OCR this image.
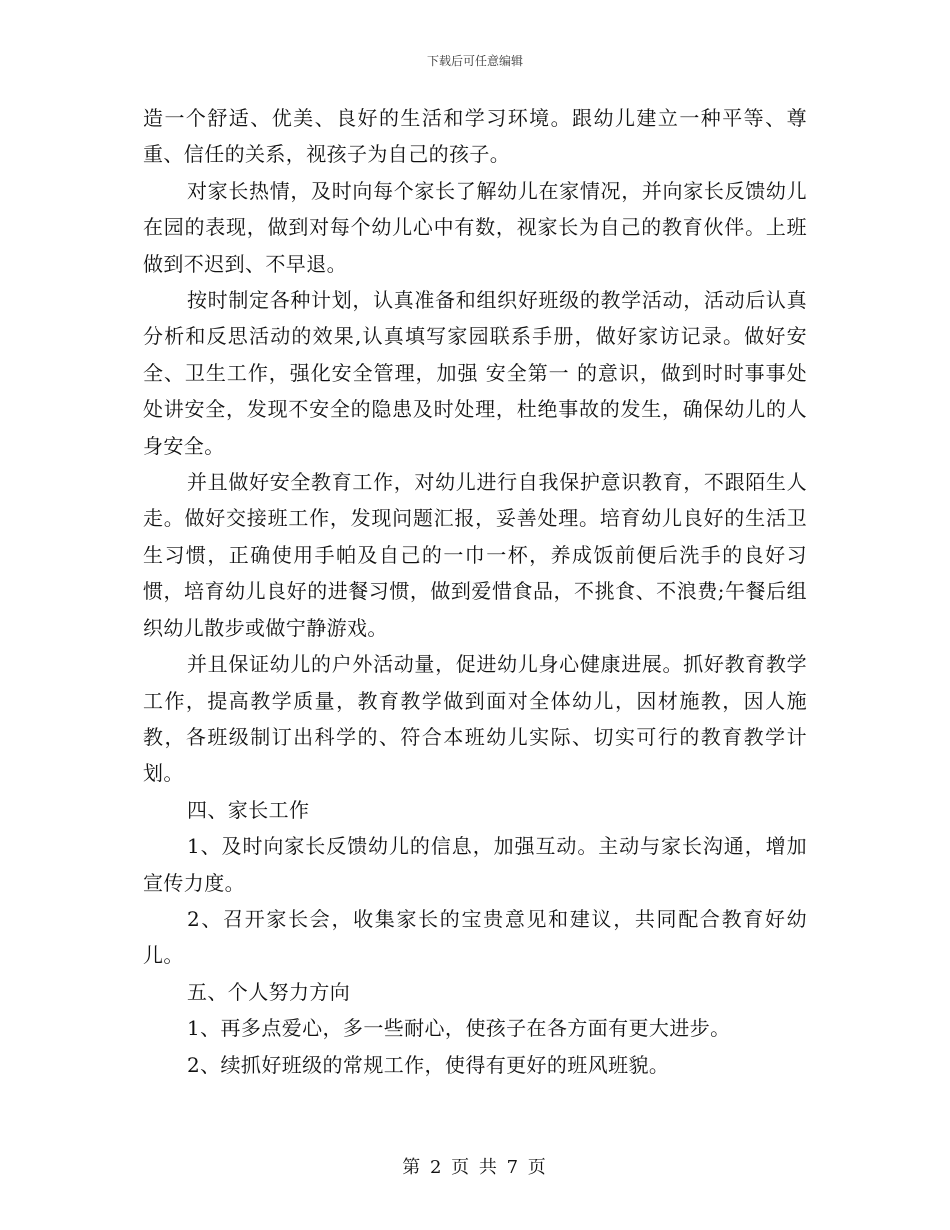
下载后可任意编辑

造一个舒适、优美、良好的生活和学习环境。跟幼儿建立一种平等、尊重、信任的关系，视孩子为自己的孩子。

对家长热情，及时向每个家长了解幼儿在家情况，并向家长反馈幼儿在园的表现，做到对每个幼儿心中有数，视家长为自己的教育伙伴。上班做到不迟到、不早退。

按时制定各种计划，认真准备和组织好班级的教学活动，活动后认真分析和反思活动的效果,认真填写家园联系手册，做好家访记录。做好安全、卫生工作，强化安全管理，加强 安全第一 的意识，做到时时事事处处讲安全，发现不安全的隐患及时处理，杜绝事故的发生，确保幼儿的人身安全。

并且做好安全教育工作，对幼儿进行自我保护意识教育，不跟陌生人走。做好交接班工作，发现问题汇报，妥善处理。培育幼儿良好的生活卫生习惯，正确使用手帕及自己的一巾一杯，养成饭前便后洗手的良好习惯，培育幼儿良好的进餐习惯，做到爱惜食品，不挑食、不浪费;午餐后组织幼儿散步或做宁静游戏。

并且保证幼儿的户外活动量，促进幼儿身心健康进展。抓好教育教学工作，提高教学质量，教育教学做到面对全体幼儿，因材施教，因人施教，各班级制订出科学的、符合本班幼儿实际、切实可行的教育教学计划。

四、家长工作

1、及时向家长反馈幼儿的信息，加强互动。主动与家长沟通，增加宣传力度。

2、召开家长会，收集家长的宝贵意见和建议，共同配合教育好幼儿。

五、个人努力方向

1、再多点爱心，多一些耐心，使孩子在各方面有更大进步。

2、续抓好班级的常规工作，使得有更好的班风班貌。

第 2 页 共 7 页
